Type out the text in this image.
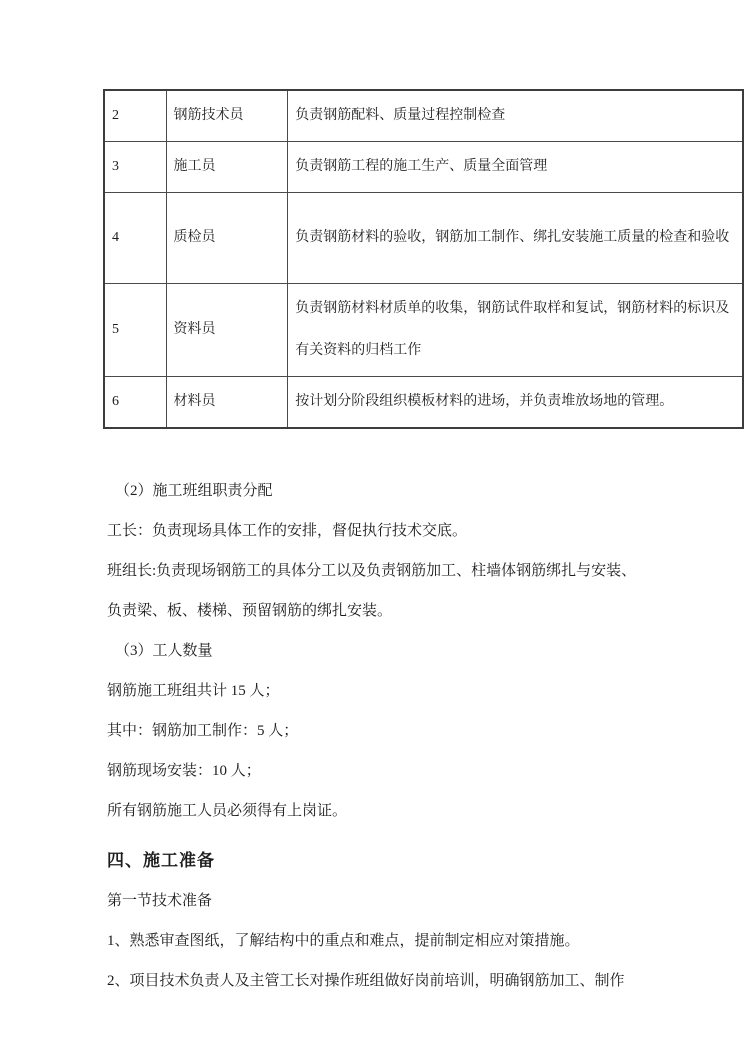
2	钢筋技术员	负责钢筋配料、质量过程控制检查
3	施工员	负责钢筋工程的施工生产、质量全面管理
4	质检员	负责钢筋材料的验收，钢筋加工制作、绑扎安装施工质量的检查和验收
5	资料员	负责钢筋材料材质单的收集，钢筋试件取样和复试，钢筋材料的标识及有关资料的归档工作
6	材料员	按计划分阶段组织模板材料的进场，并负责堆放场地的管理。

（2）施工班组职责分配

工长：负责现场具体工作的安排，督促执行技术交底。

班组长:负责现场钢筋工的具体分工以及负责钢筋加工、柱墙体钢筋绑扎与安装、

负责梁、板、楼梯、预留钢筋的绑扎安装。

（3）工人数量

钢筋施工班组共计 15 人；

其中：钢筋加工制作：5 人；

钢筋现场安装：10 人；

所有钢筋施工人员必须得有上岗证。

四、施工准备

第一节技术准备

1、熟悉审查图纸，了解结构中的重点和难点，提前制定相应对策措施。

2、项目技术负责人及主管工长对操作班组做好岗前培训，明确钢筋加工、制作
